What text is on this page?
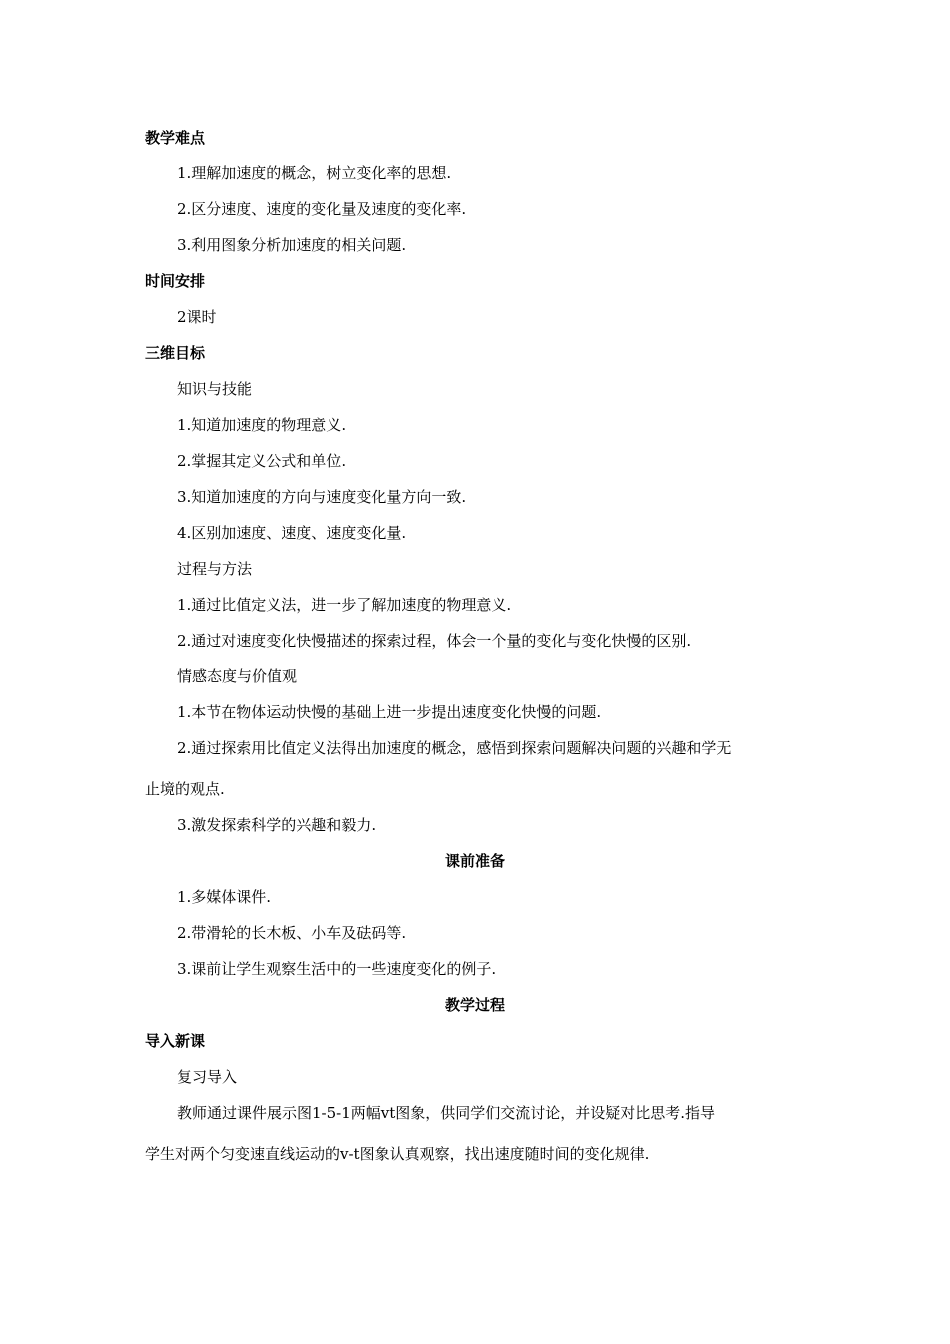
教学难点
1.理解加速度的概念，树立变化率的思想.
2.区分速度、速度的变化量及速度的变化率.
3.利用图象分析加速度的相关问题.
时间安排
2课时
三维目标
知识与技能
1.知道加速度的物理意义.
2.掌握其定义公式和单位.
3.知道加速度的方向与速度变化量方向一致.
4.区别加速度、速度、速度变化量.
过程与方法
1.通过比值定义法，进一步了解加速度的物理意义.
2.通过对速度变化快慢描述的探索过程，体会一个量的变化与变化快慢的区别.
情感态度与价值观
1.本节在物体运动快慢的基础上进一步提出速度变化快慢的问题.
2.通过探索用比值定义法得出加速度的概念，感悟到探索问题解决问题的兴趣和学无
止境的观点.
3.激发探索科学的兴趣和毅力.
课前准备
1.多媒体课件.
2.带滑轮的长木板、小车及砝码等.
3.课前让学生观察生活中的一些速度变化的例子.
教学过程
导入新课
复习导入
教师通过课件展示图1-5-1两幅vt图象，供同学们交流讨论，并设疑对比思考.指导
学生对两个匀变速直线运动的v-t图象认真观察，找出速度随时间的变化规律.
